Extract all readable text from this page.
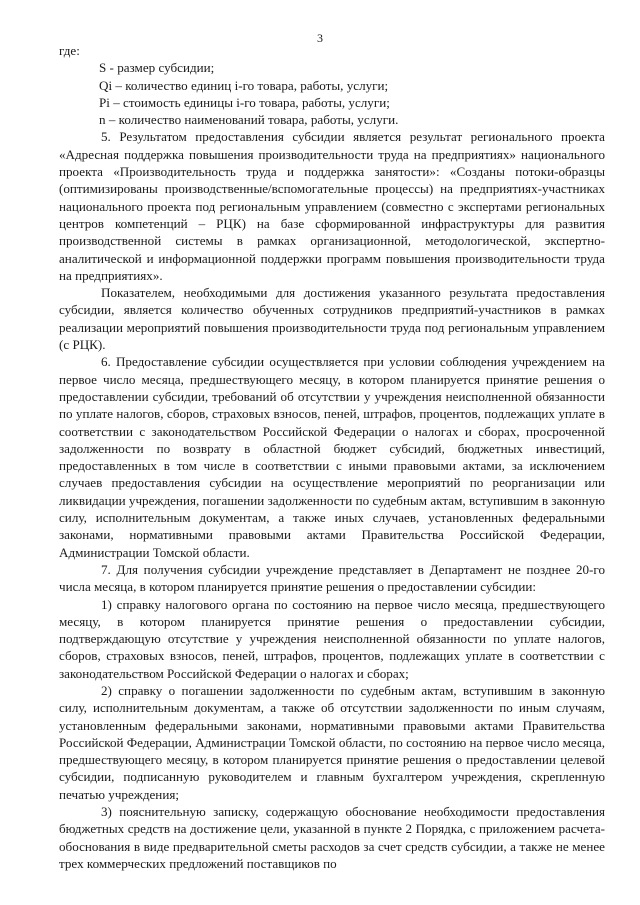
3

где:

S - размер субсидии;

Qi – количество единиц i-го товара, работы, услуги;

Pi – стоимость единицы i-го товара, работы, услуги;

n – количество наименований товара, работы, услуги.

5. Результатом предоставления субсидии является результат регионального проекта «Адресная поддержка повышения производительности труда на предприятиях» национального проекта «Производительность труда и поддержка занятости»: «Созданы потоки-образцы (оптимизированы производственные/вспомогательные процессы) на предприятиях-участниках национального проекта под региональным управлением (совместно с экспертами региональных центров компетенций – РЦК) на базе сформированной инфраструктуры для развития производственной системы в рамках организационной, методологической, экспертно-аналитической и информационной поддержки программ повышения производительности труда на предприятиях».

Показателем, необходимыми для достижения указанного результата предоставления субсидии, является количество обученных сотрудников предприятий-участников в рамках реализации мероприятий повышения производительности труда под региональным управлением (с РЦК).

6. Предоставление субсидии осуществляется при условии соблюдения учреждением на первое число месяца, предшествующего месяцу, в котором планируется принятие решения о предоставлении субсидии, требований об отсутствии у учреждения неисполненной обязанности по уплате налогов, сборов, страховых взносов, пеней, штрафов, процентов, подлежащих уплате в соответствии с законодательством Российской Федерации о налогах и сборах, просроченной задолженности по возврату в областной бюджет субсидий, бюджетных инвестиций, предоставленных в том числе в соответствии с иными правовыми актами, за исключением случаев предоставления субсидии на осуществление мероприятий по реорганизации или ликвидации учреждения, погашении задолженности по судебным актам, вступившим в законную силу, исполнительным документам, а также иных случаев, установленных федеральными законами, нормативными правовыми актами Правительства Российской Федерации, Администрации Томской области.

7. Для получения субсидии учреждение представляет в Департамент не позднее 20-го числа месяца, в котором планируется принятие решения о предоставлении субсидии:

1) справку налогового органа по состоянию на первое число месяца, предшествующего месяцу, в котором планируется принятие решения о предоставлении субсидии, подтверждающую отсутствие у учреждения неисполненной обязанности по уплате налогов, сборов, страховых взносов, пеней, штрафов, процентов, подлежащих уплате в соответствии с законодательством Российской Федерации о налогах и сборах;

2) справку о погашении задолженности по судебным актам, вступившим в законную силу, исполнительным документам, а также об отсутствии задолженности по иным случаям, установленным федеральными законами, нормативными правовыми актами Правительства Российской Федерации, Администрации Томской области, по состоянию на первое число месяца, предшествующего месяцу, в котором планируется принятие решения о предоставлении целевой субсидии, подписанную руководителем и главным бухгалтером учреждения, скрепленную печатью учреждения;

3) пояснительную записку, содержащую обоснование необходимости предоставления бюджетных средств на достижение цели, указанной в пункте 2 Порядка, с приложением расчета-обоснования в виде предварительной сметы расходов за счет средств субсидии, а также не менее трех коммерческих предложений поставщиков по
